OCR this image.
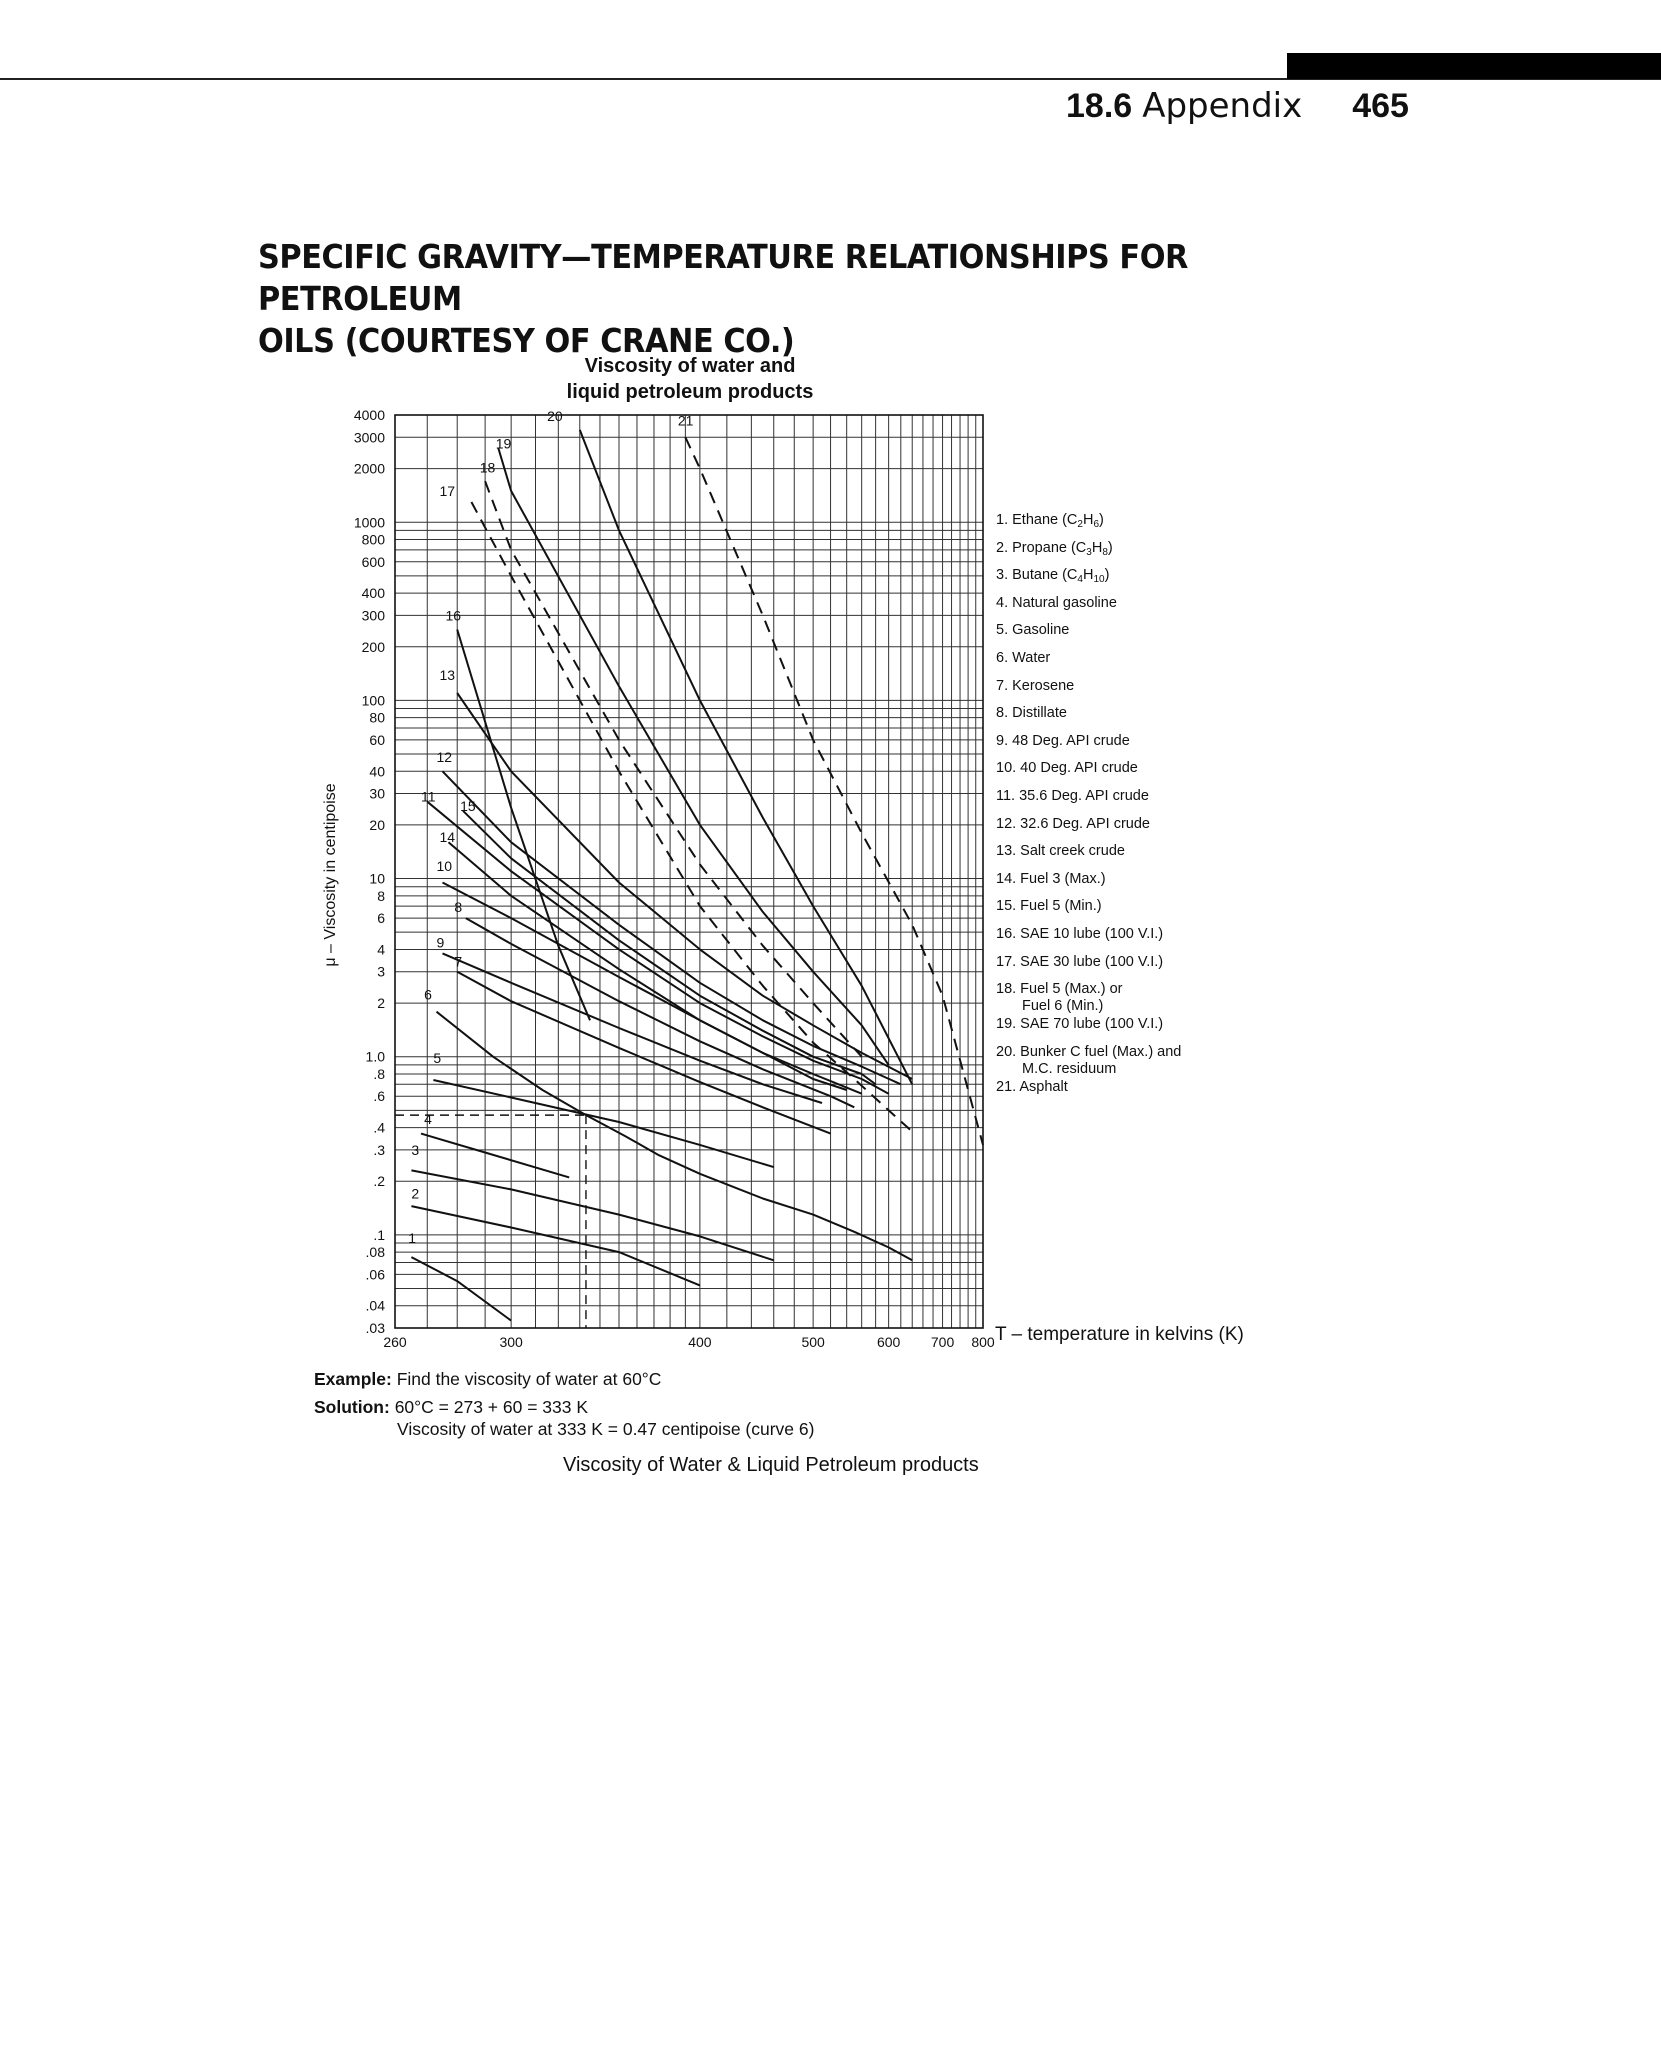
18.6 Appendix 465
SPECIFIC GRAVITY—TEMPERATURE RELATIONSHIPS FOR PETROLEUM
OILS (COURTESY OF CRANE CO.)
Viscosity of water and
liquid petroleum products
4000
3000
2000
1000
800
600
400
300
200
100
80
60
40
30
20
10
8
6
4
3
2
1.0
.8
.6
.4
.3
.2
.1
.08
.06
.04
.03
260	300	400	500	600 700 800
1
2
3
4
5
6
7
8
9
10
11
12
13
14
15
16
17
18
19
20	21
T – temperature in kelvins (K)
μ – Viscosity in centipoise
1. Ethane $(C_2H_6)$
2. Propane $(C_3H_8)$
3. Butane $(C_4H_{10})$
4. Natural gasoline
5. Gasoline
6. Water
7. Kerosene
8. Distillate
9. 48 Deg. API crude
10. 40 Deg. API crude
11. 35.6 Deg. API crude
12. 32.6 Deg. API crude
13. Salt creek crude
14. Fuel 3 (Max.)
15. Fuel 5 (Min.)
16. SAE 10 lube (100 V.I.)
17. SAE 30 lube (100 V.I.)
18. Fuel 5 (Max.) or
Fuel 6 (Min.)
19. SAE 70 lube (100 V.I.)
20. Bunker C fuel (Max.) and
M.C. residuum
21. Asphalt
Example: Find the viscosity of water at 60°C
Solution: 60°C = 273 + 60 = 333 K
Viscosity of water at 333 K = 0.47 centipoise (curve 6)
Viscosity of Water & Liquid Petroleum products
